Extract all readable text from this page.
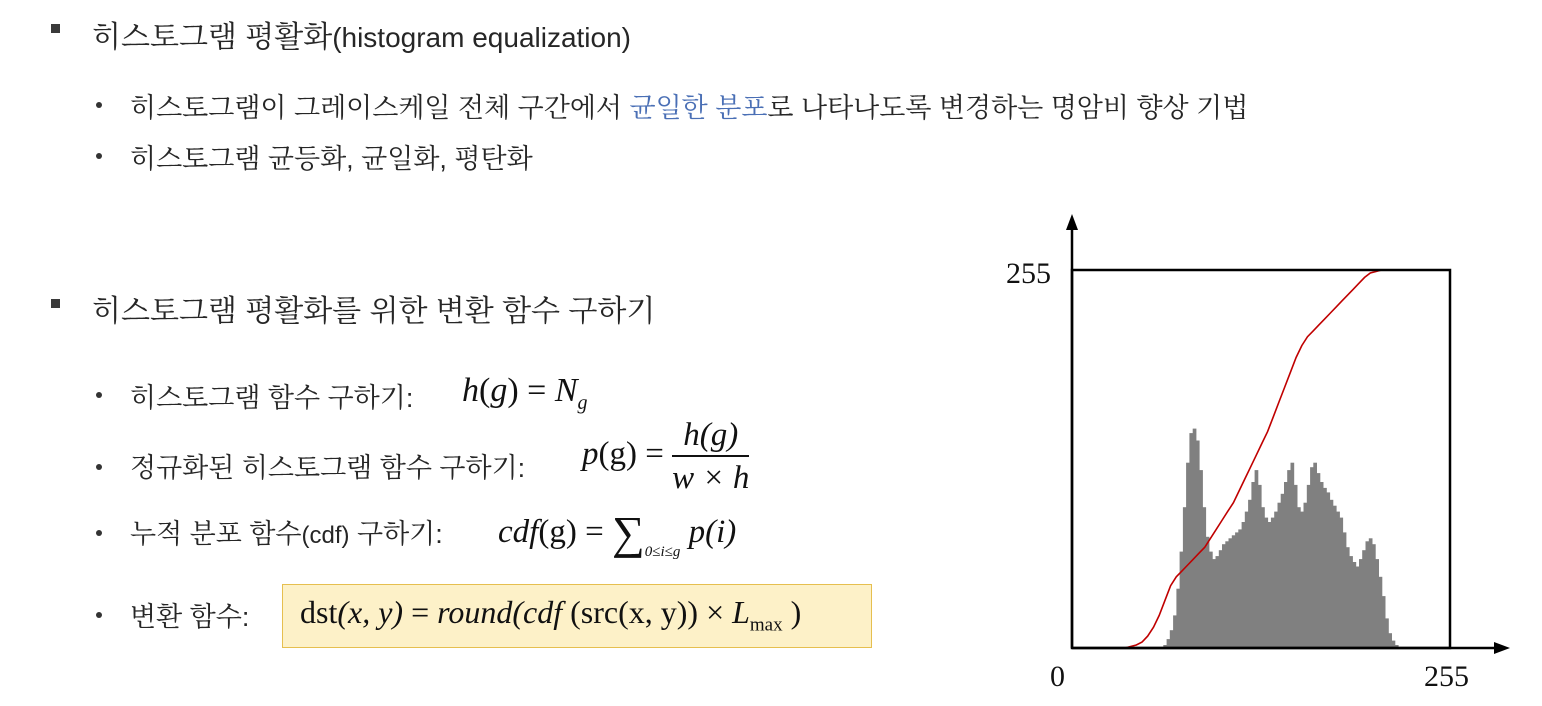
히스토그램 평활화(histogram equalization)
히스토그램이 그레이스케일 전체 구간에서 균일한 분포로 나타나도록 변경하는 명암비 향상 기법
히스토그램 균등화, 균일화, 평탄화
히스토그램 평활화를 위한 변환 함수 구하기
히스토그램 함수 구하기: $h(g) = N_g$
정규화된 히스토그램 함수 구하기: $p(g) = \frac{h(g)}{w \times h}$
누적 분포 함수(cdf) 구하기: $cdf(g) = \sum_{0\le i\le g}$ p(i)
변환 함수: dst(x, y) = round(cdf (src(x, $y)) \times L_{max}$ )
255
0	255
